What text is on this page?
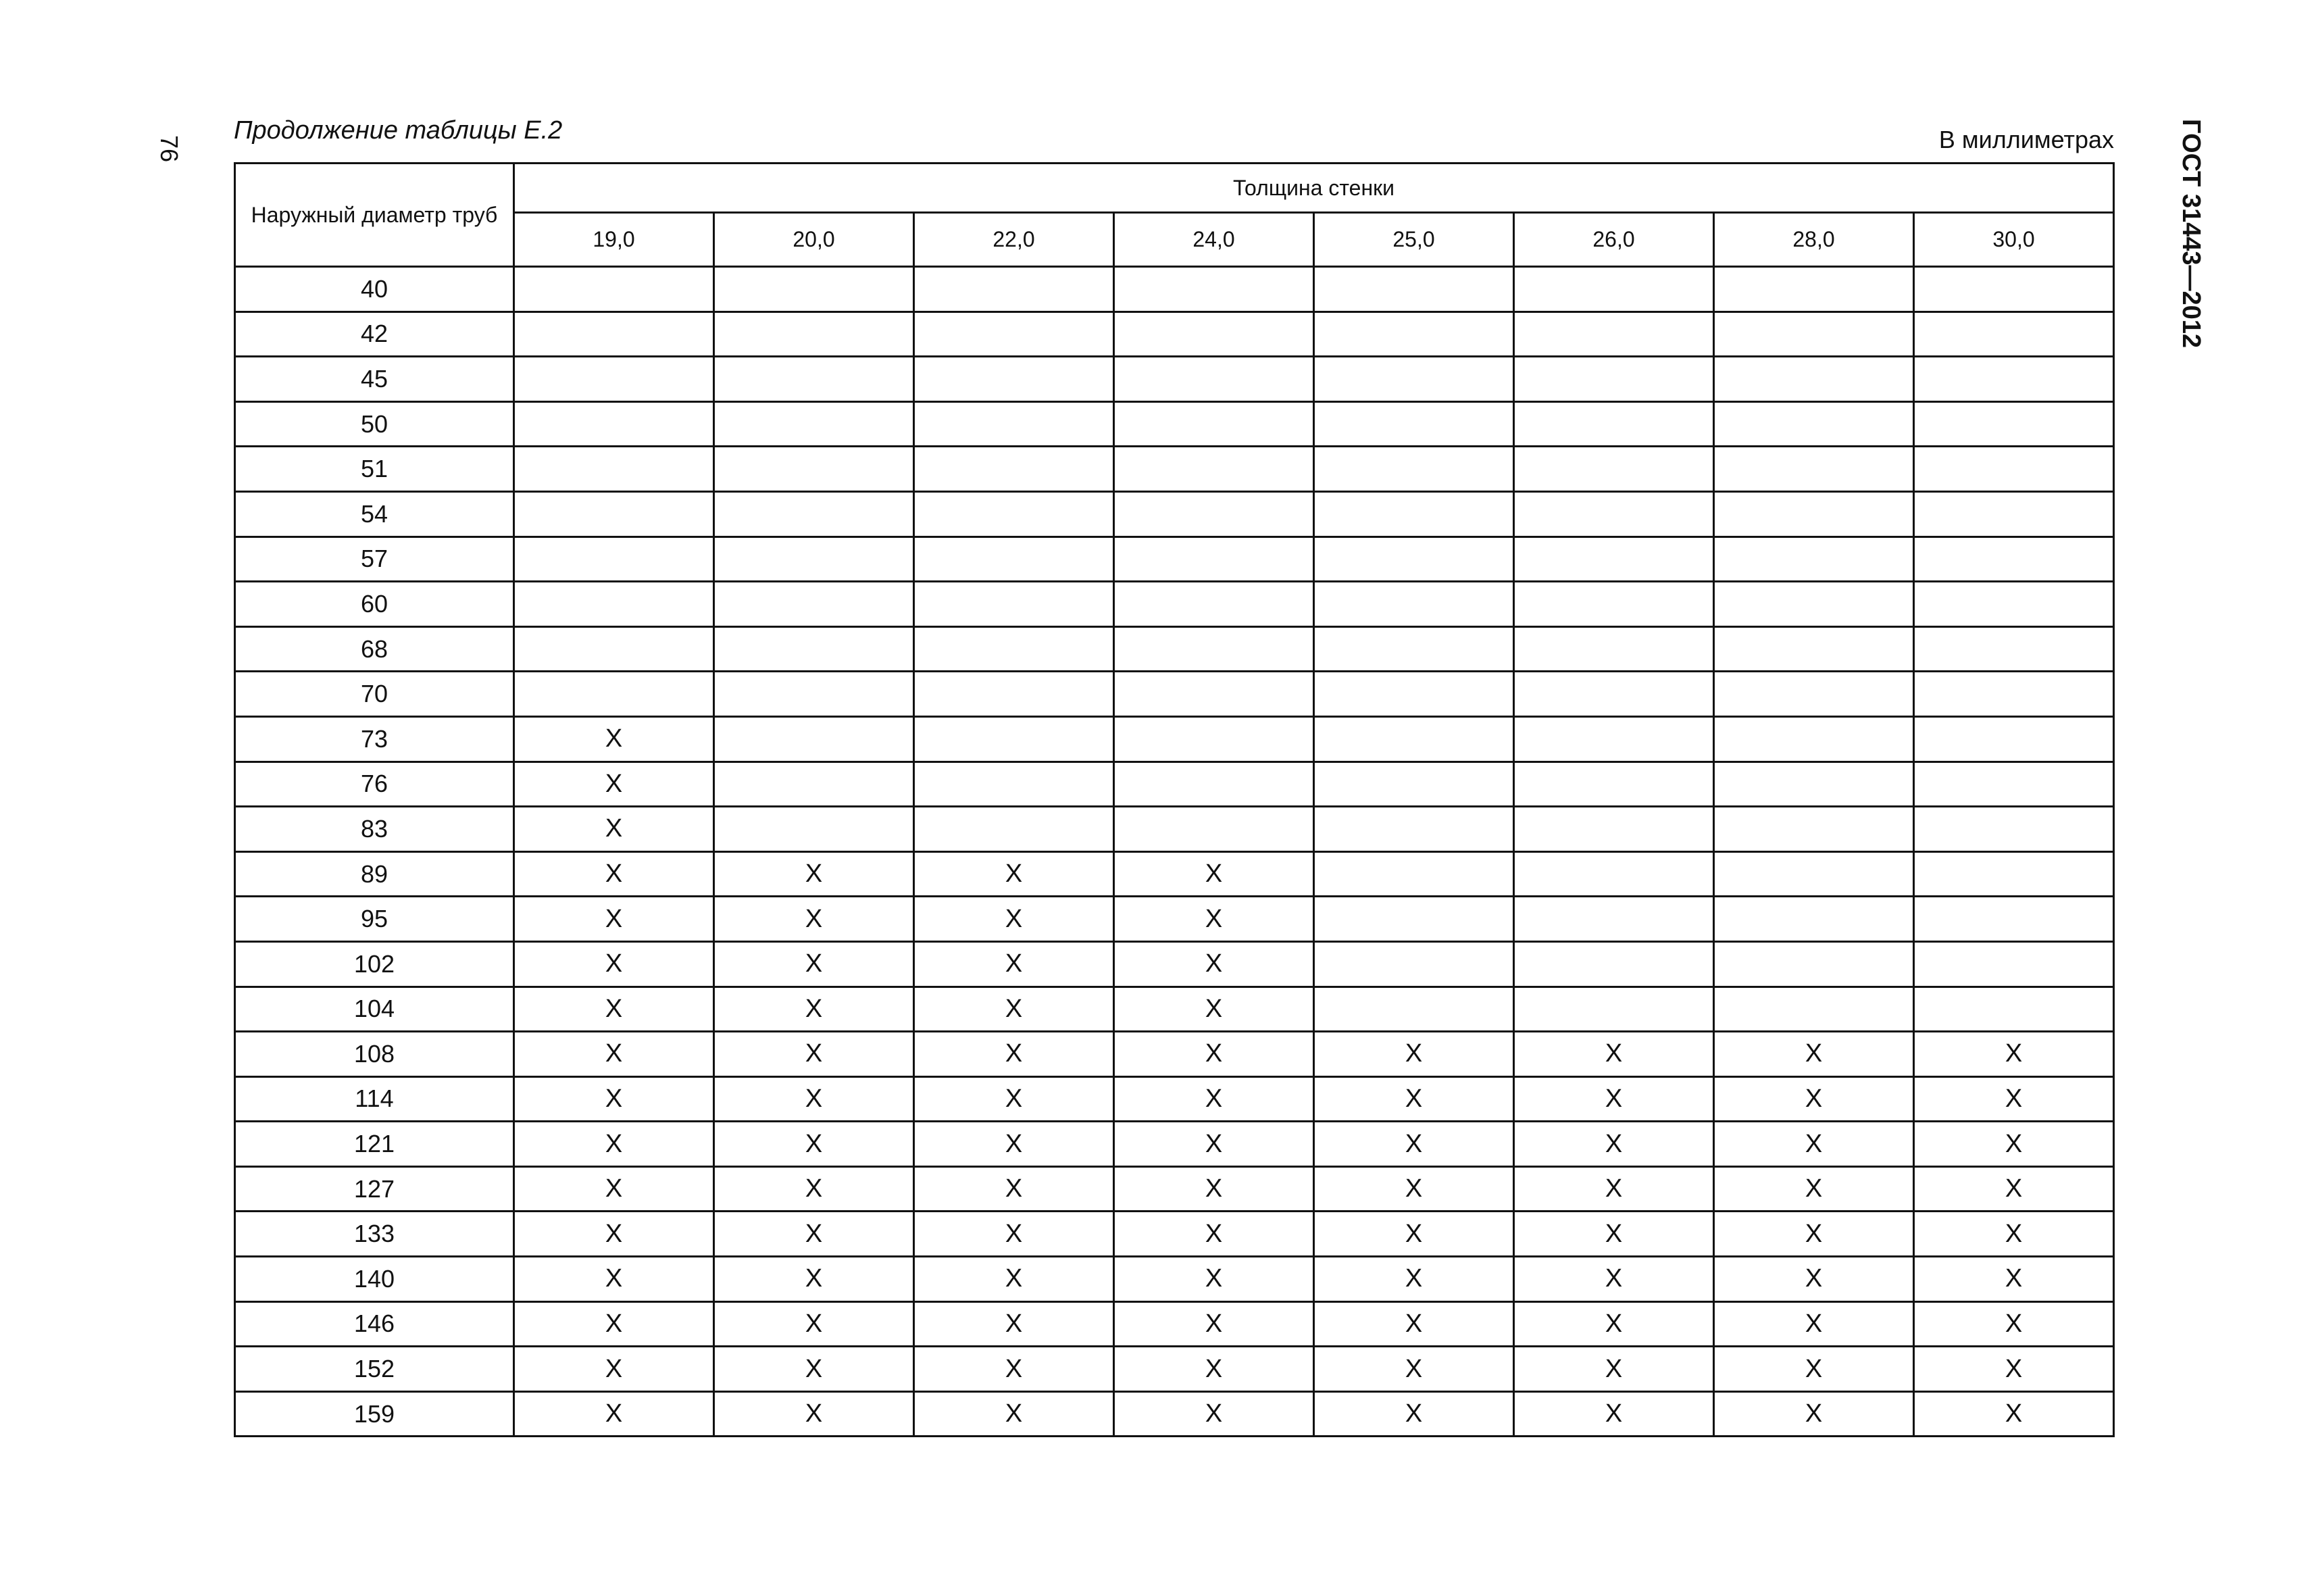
76
Продолжение таблицы Е.2	В миллиметрах ГОСТ 31443—2012
Наружный диаметр труб	Толщина стенки							
	19,0	20,0	22,0	24,0	25,0	26,0	28,0	30,0
40								
42								
45								
50								
51								
54								
57								
60								
68								
70								
73	X							
76	X							
83	X							
89	X	X	X	X				
95	X	X	X	X				
102	X	X	X	X				
104	X	X	X	X				
108	X	X	X	X	X	X	X	X
114	X	X	X	X	X	X	X	X
121	X	X	X	X	X	X	X	X
127	X	X	X	X	X	X	X	X
133	X	X	X	X	X	X	X	X
140	X	X	X	X	X	X	X	X
146	X	X	X	X	X	X	X	X
152	X	X	X	X	X	X	X	X
159	X	X	X	X	X	X	X	X
